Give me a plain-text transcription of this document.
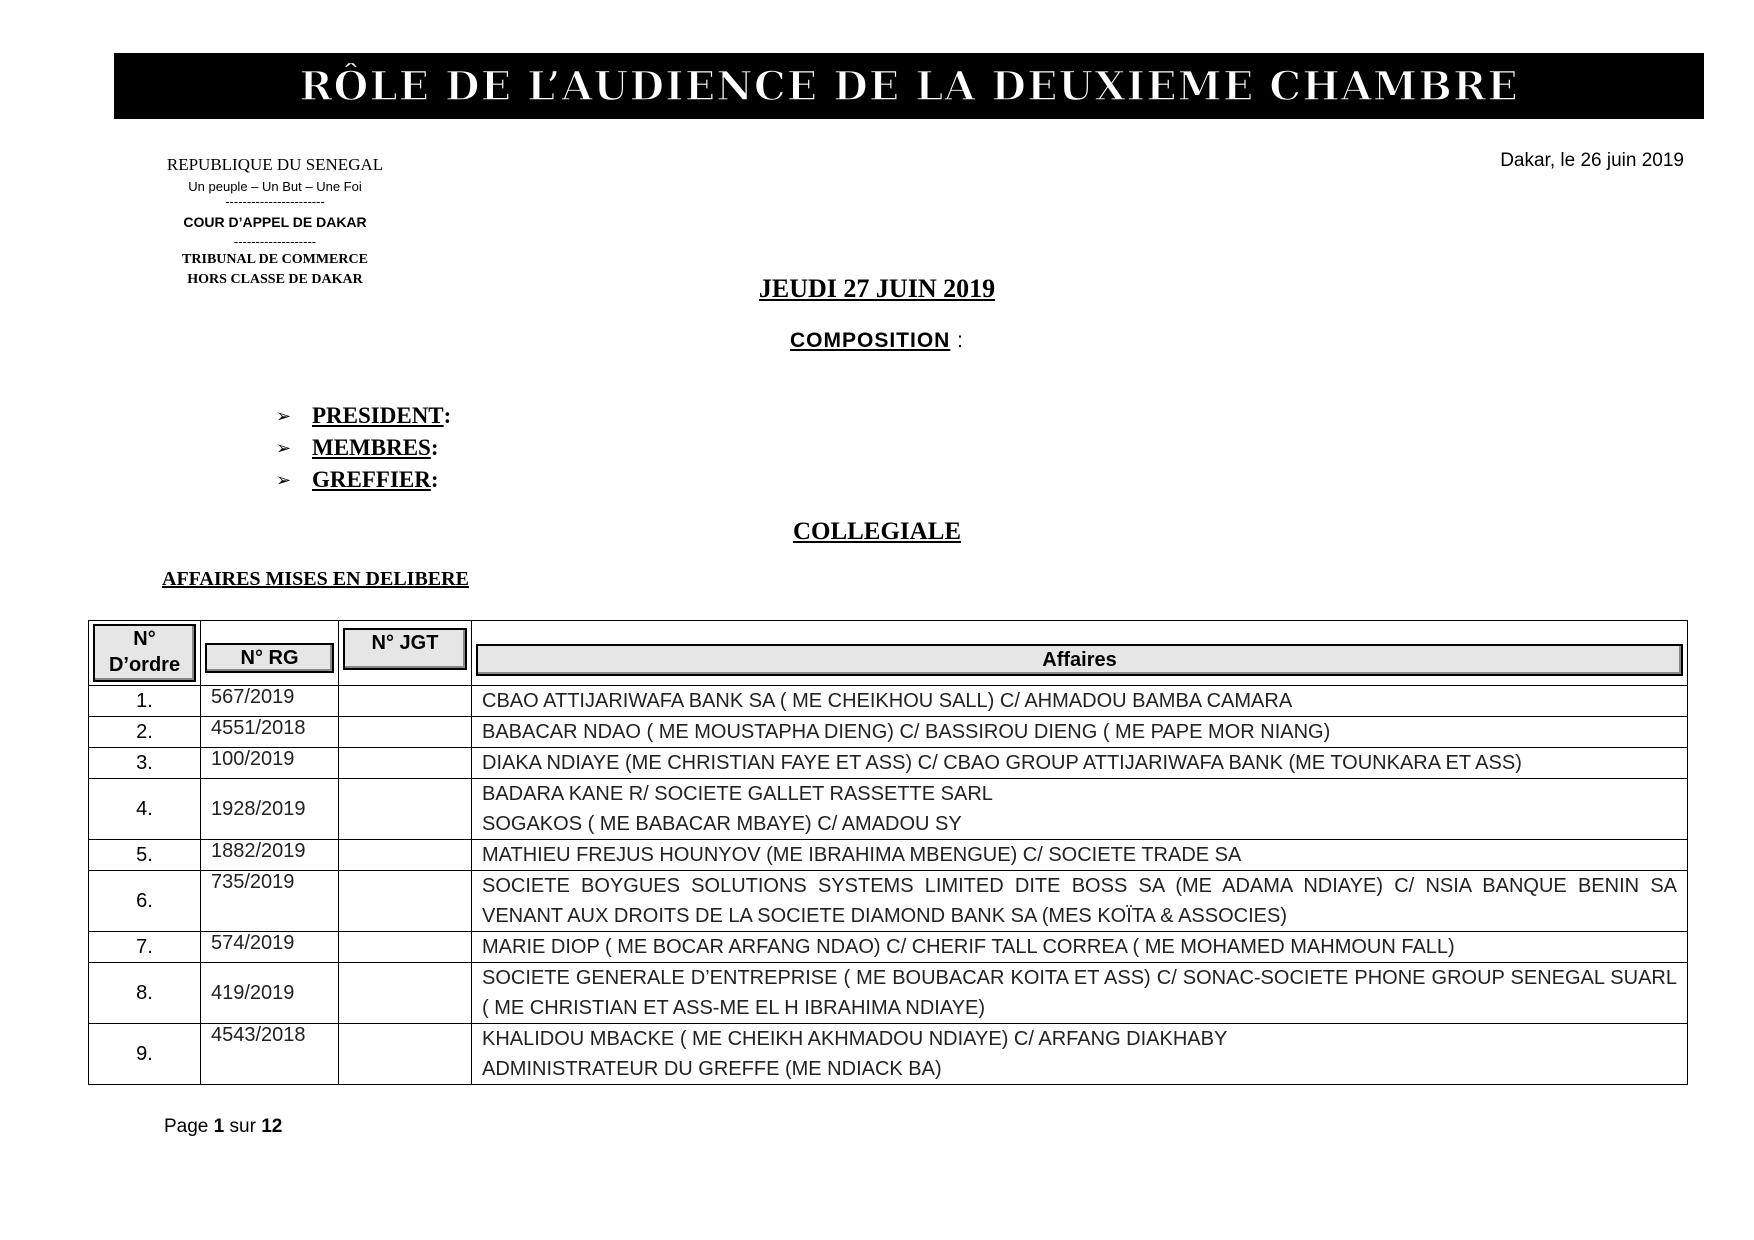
RÔLE DE L’AUDIENCE DE LA DEUXIEME CHAMBRE
REPUBLIQUE DU SENEGAL
Un peuple – Un But – Une Foi
-----------------------
COUR D’APPEL DE DAKAR
-------------------
TRIBUNAL DE COMMERCE
HORS CLASSE DE DAKAR
Dakar, le 26 juin 2019
JEUDI 27 JUIN 2019
COMPOSITION :
➢ PRESIDENT :
➢ MEMBRES :
➢ GREFFIER :
COLLEGIALE
AFFAIRES MISES EN DELIBERE
N°
D’ordre	N° RG	N° JGT	Affaires

1.	567/2019		CBAO ATTIJARIWAFA BANK SA ( ME CHEIKHOU SALL) C/ AHMADOU BAMBA CAMARA

2.	4551/2018		BABACAR NDAO ( ME MOUSTAPHA DIENG) C/ BASSIROU DIENG ( ME PAPE MOR NIANG)

3.	100/2019		DIAKA NDIAYE (ME CHRISTIAN FAYE ET ASS) C/ CBAO GROUP ATTIJARIWAFA BANK (ME TOUNKARA ET ASS)

4.	1928/2019		BADARA KANE R/ SOCIETE GALLET RASSETTE SARL
SOGAKOS ( ME BABACAR MBAYE) C/ AMADOU SY

5.	1882/2019		MATHIEU FREJUS HOUNYOV (ME IBRAHIMA MBENGUE) C/ SOCIETE TRADE SA

6.	735/2019		SOCIETE BOYGUES SOLUTIONS SYSTEMS LIMITED DITE BOSS SA (ME ADAMA NDIAYE) C/ NSIA BANQUE BENIN SA
VENANT AUX DROITS DE LA SOCIETE DIAMOND BANK SA (MES KOÏTA & ASSOCIES)

7.	574/2019		MARIE DIOP ( ME BOCAR ARFANG NDAO) C/ CHERIF TALL CORREA ( ME MOHAMED MAHMOUN FALL)

8.	419/2019		SOCIETE GENERALE D’ENTREPRISE ( ME BOUBACAR KOITA ET ASS) C/ SONAC-SOCIETE PHONE GROUP SENEGAL SUARL
( ME CHRISTIAN ET ASS-ME EL H IBRAHIMA NDIAYE)

9.	4543/2018		KHALIDOU MBACKE ( ME CHEIKH AKHMADOU NDIAYE) C/ ARFANG DIAKHABY
ADMINISTRATEUR DU GREFFE (ME NDIACK BA)
Page 1 sur 12
